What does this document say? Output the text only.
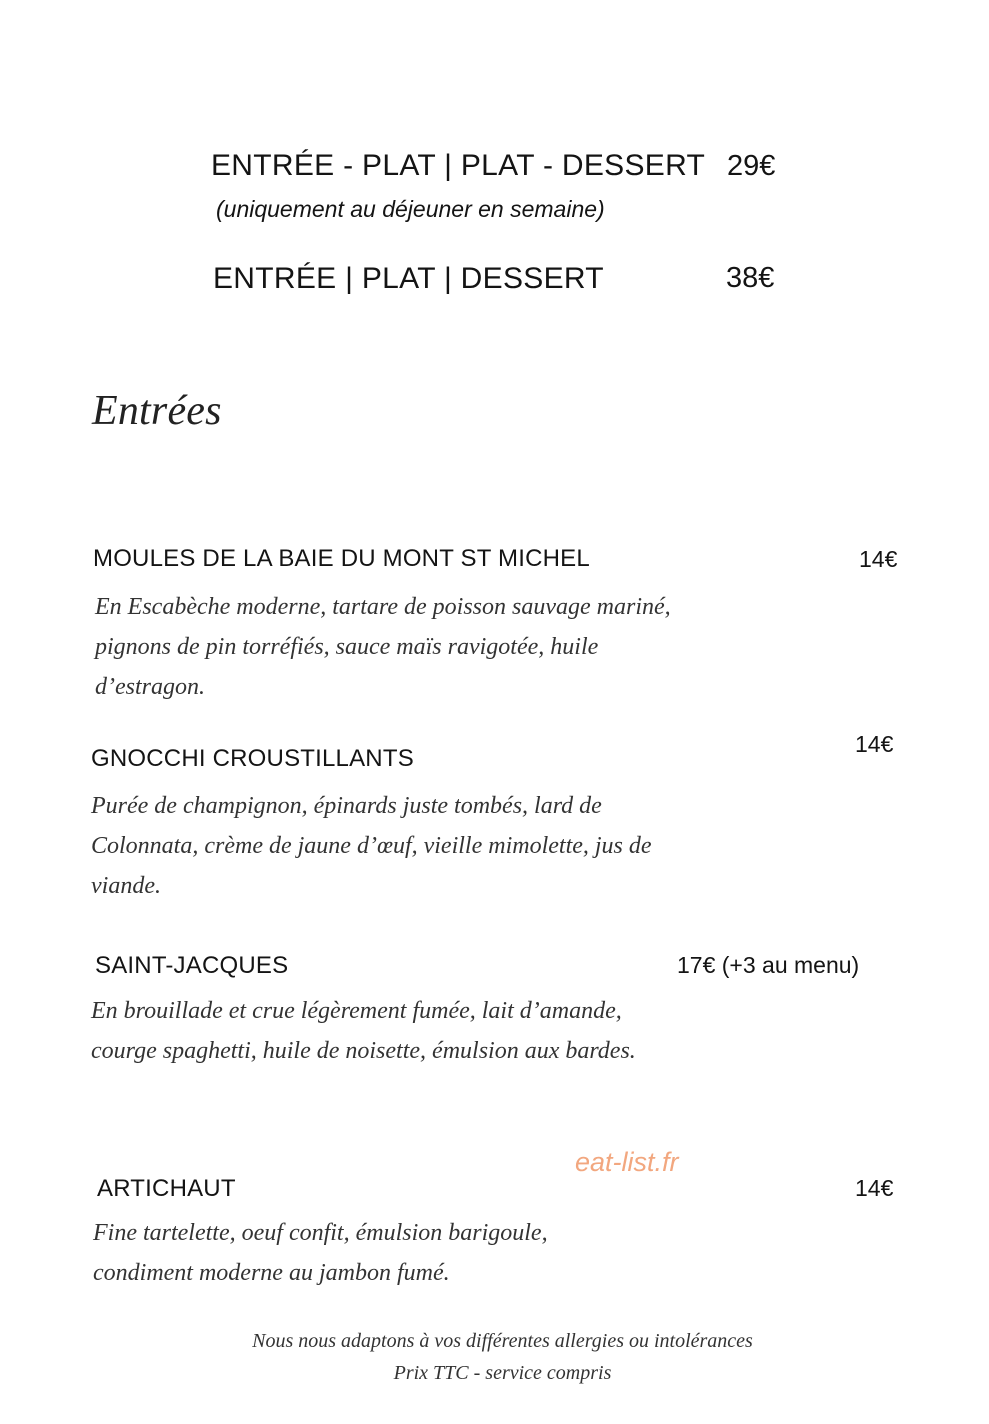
ENTRÉE - PLAT | PLAT - DESSERT 29€
(uniquement au déjeuner en semaine)
ENTRÉE | PLAT | DESSERT	38€
Entrées
MOULES DE LA BAIE DU MONT ST MICHEL	14€
En Escabèche moderne, tartare de poisson sauvage mariné, pignons de pin torréfiés, sauce maïs ravigotée, huile d’estragon.
GNOCCHI CROUSTILLANTS
14€
Purée de champignon, épinards juste tombés, lard de Colonnata, crème de jaune d’œuf, vieille mimolette, jus de viande.
SAINT-JACQUES	17€ (+3 au menu)
En brouillade et crue légèrement fumée, lait d’amande, courge spaghetti, huile de noisette, émulsion aux bardes.
eat-list.fr
ARTICHAUT	14€
Fine tartelette, oeuf confit, émulsion barigoule, condiment moderne au jambon fumé.
Nous nous adaptons à vos différentes allergies ou intolérances
Prix TTC - service compris
